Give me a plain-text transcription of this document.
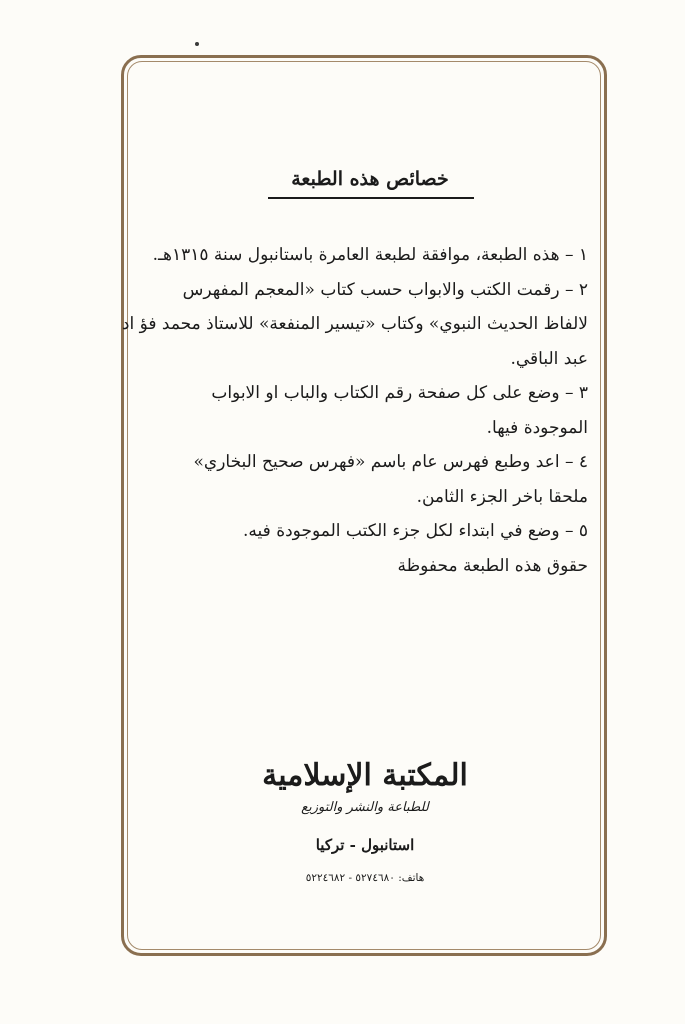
خصائص هذه الطبعة
١ – هذه الطبعة، موافقة لطبعة العامرة باستانبول سنة ١٣١٥هـ.
٢ – رقمت الكتب والابواب حسب كتاب «المعجم المفهرس
لالفاظ الحديث النبوي» وكتاب «تيسير المنفعة» للاستاذ محمد فؤ اد
عبد الباقي.
٣ – وضع على كل صفحة رقم الكتاب والباب او الابواب
الموجودة فيها.
٤ – اعد وطبع فهرس عام باسم «فهرس صحيح البخاري»
ملحقا باخر الجزء الثامن.
٥ – وضع في ابتداء لكل جزء الكتب الموجودة فيه.
حقوق هذه الطبعة محفوظة
المكتبة الإسلامية
للطباعة والنشر والتوزيع
استانبول - تركيا
هاتف: ٥٢٧٤٦٨٠ - ٥٢٢٤٦٨٢
